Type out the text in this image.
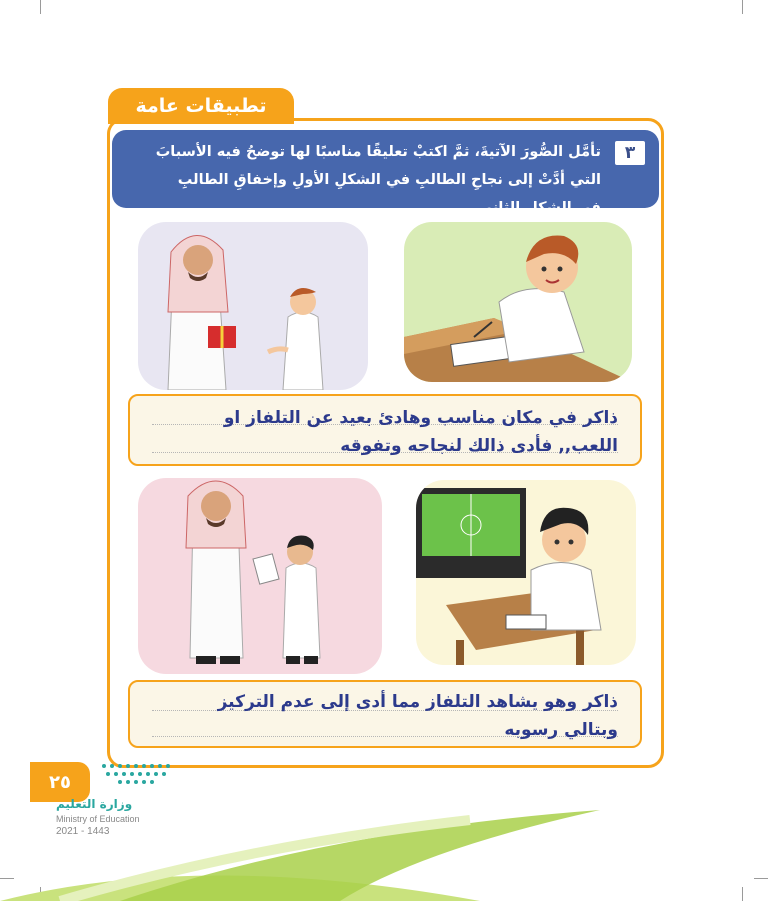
تطبيقات عامة
٣
تأمَّل الصُّورَ الآتيةَ، ثمَّ اكتبْ تعليقًا مناسبًا لها توضحُ فيه الأسبابَ التي أدَّتْ إلى نجاحِ الطالبِ في الشكلِ الأولِ وإخفاقِ الطالبِ في الشكلِ الثاني.
ذاكر في مكان مناسب وهادئ بعيد عن التلفاز او
اللعب,, فأدى ذالك لنجاحه وتفوقه
ذاكر وهو يشاهد التلفاز مما أدى إلى عدم التركيز
وبتالي رسوبه
٢٥
وزارة التعليم
Ministry of Education
2021 - 1443
